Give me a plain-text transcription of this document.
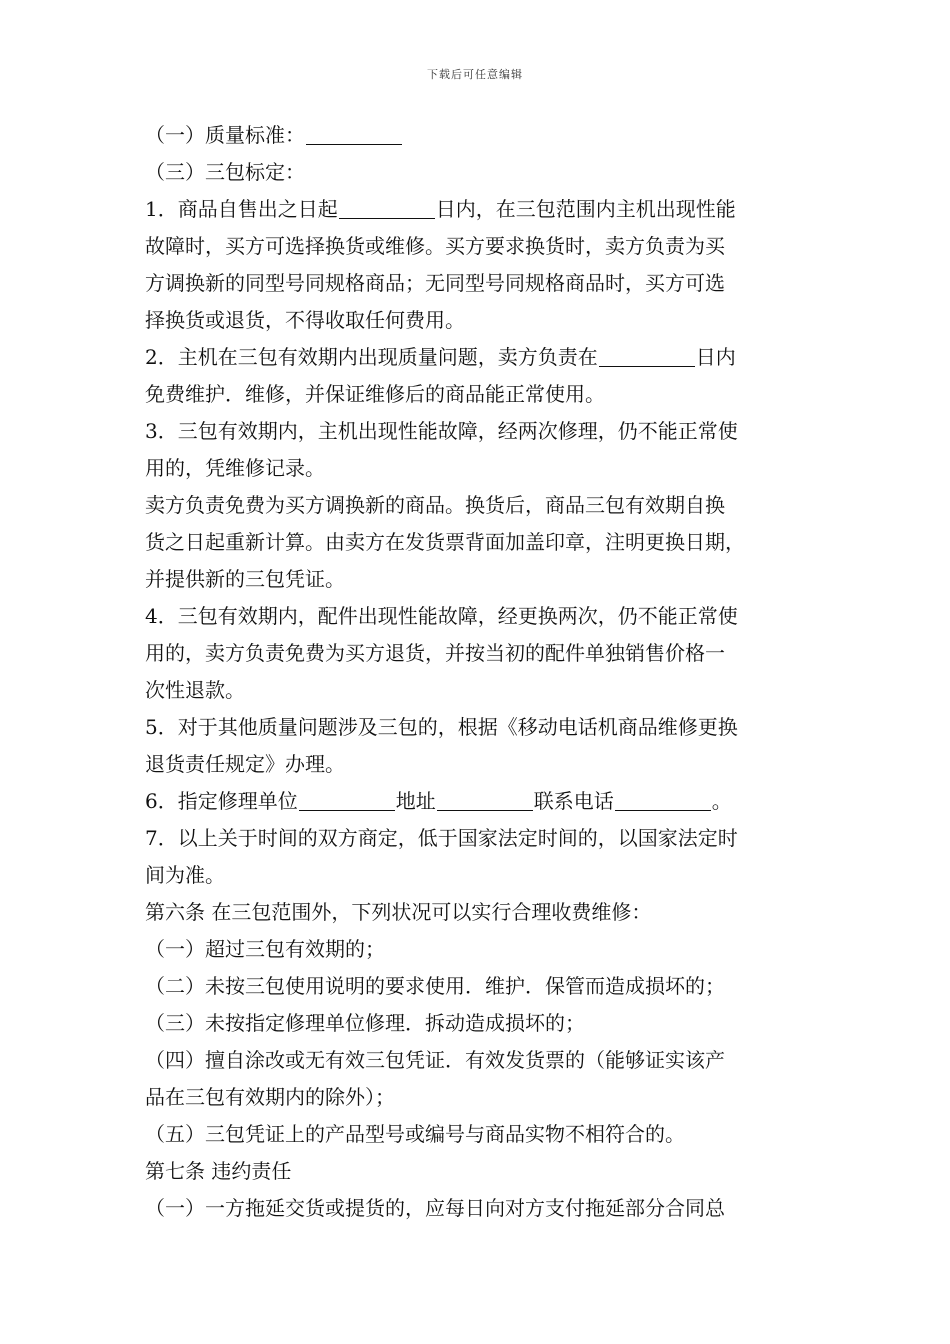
下载后可任意编辑
（一）质量标准：
（三）三包标定：
1．商品自售出之日起	日内，在三包范围内主机出现性能
故障时，买方可选择换货或维修。买方要求换货时，卖方负责为买
方调换新的同型号同规格商品；无同型号同规格商品时，买方可选
择换货或退货，不得收取任何费用。
2．主机在三包有效期内出现质量问题，卖方负责在	日内
免费维护．维修，并保证维修后的商品能正常使用。
3．三包有效期内，主机出现性能故障，经两次修理，仍不能正常使
用的，凭维修记录。
卖方负责免费为买方调换新的商品。换货后，商品三包有效期自换
货之日起重新计算。由卖方在发货票背面加盖印章，注明更换日期，
并提供新的三包凭证。
4．三包有效期内，配件出现性能故障，经更换两次，仍不能正常使
用的，卖方负责免费为买方退货，并按当初的配件单独销售价格一
次性退款。
5．对于其他质量问题涉及三包的，根据《移动电话机商品维修更换
退货责任规定》办理。
6．指定修理单位	地址	联系电话	。
7．以上关于时间的双方商定，低于国家法定时间的，以国家法定时
间为准。
第六条 在三包范围外，下列状况可以实行合理收费维修：
（一）超过三包有效期的；
（二）未按三包使用说明的要求使用．维护．保管而造成损坏的；
（三）未按指定修理单位修理．拆动造成损坏的；
（四）擅自涂改或无有效三包凭证．有效发货票的（能够证实该产
品在三包有效期内的除外）；
（五）三包凭证上的产品型号或编号与商品实物不相符合的。
第七条 违约责任
（一）一方拖延交货或提货的，应每日向对方支付拖延部分合同总
